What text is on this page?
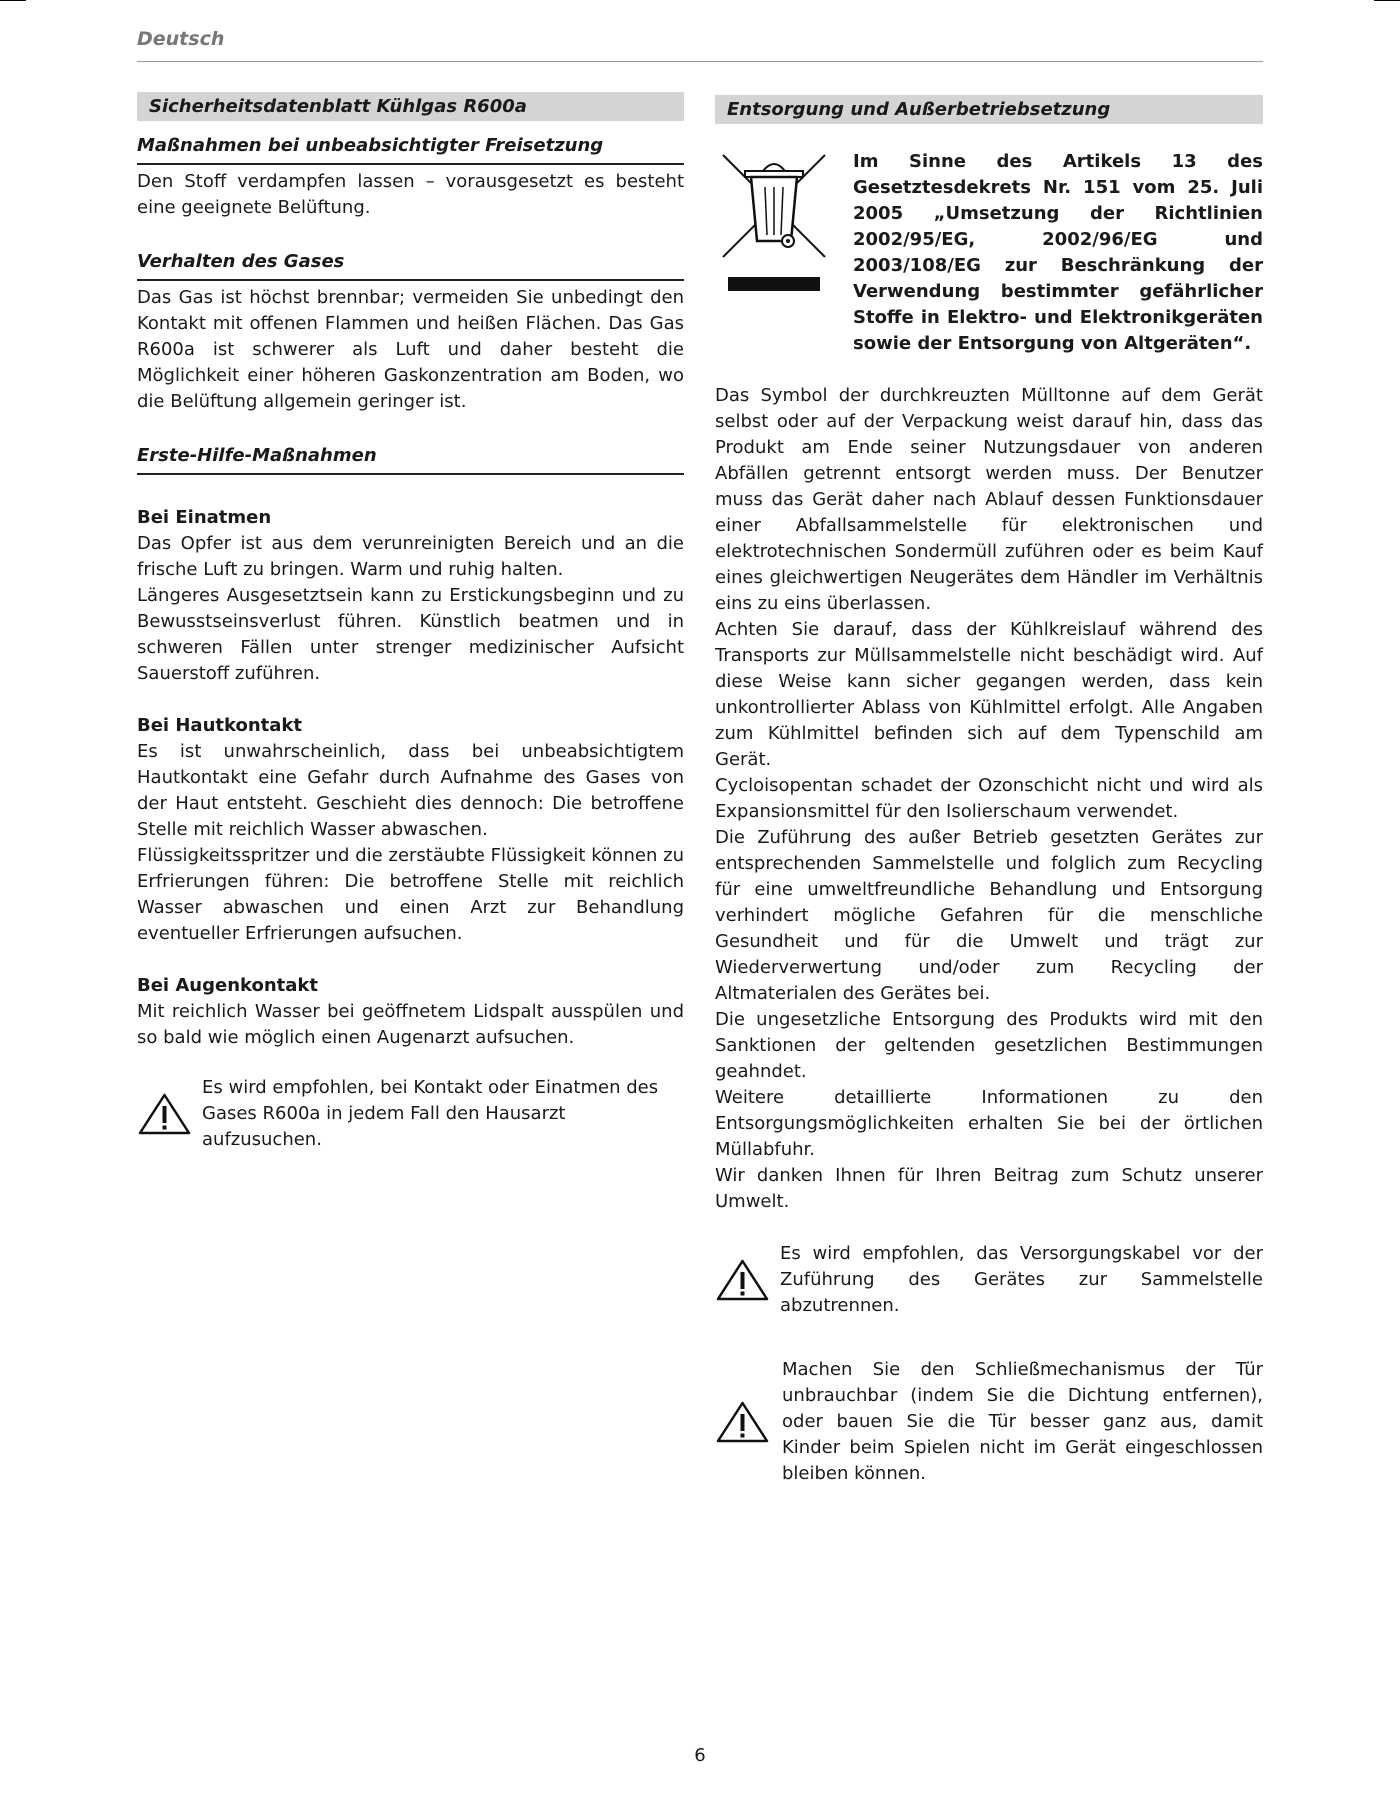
Deutsch
Sicherheitsdatenblatt Kühlgas R600a
Maßnahmen bei unbeabsichtigter Freisetzung

Den Stoff verdampfen lassen – vorausgesetzt es besteht eine geeignete Belüftung.

Verhalten des Gases

Das Gas ist höchst brennbar; vermeiden Sie unbedingt den Kontakt mit offenen Flammen und heißen Flächen. Das Gas R600a ist schwerer als Luft und daher besteht die Möglichkeit einer höheren Gaskonzentration am Boden, wo die Belüftung allgemein geringer ist.

Erste-Hilfe-Maßnahmen

Bei Einatmen

Das Opfer ist aus dem verunreinigten Bereich und an die frische Luft zu bringen. Warm und ruhig halten.

Längeres Ausgesetztsein kann zu Erstickungsbeginn und zu Bewusstseinsverlust führen. Künstlich beatmen und in schweren Fällen unter strenger medizinischer Aufsicht Sauerstoff zuführen.

Bei Hautkontakt

Es ist unwahrscheinlich, dass bei unbeabsichtigtem Hautkontakt eine Gefahr durch Aufnahme des Gases von der Haut entsteht. Geschieht dies dennoch: Die betroffene Stelle mit reichlich Wasser abwaschen.

Flüssigkeitsspritzer und die zerstäubte Flüssigkeit können zu Erfrierungen führen: Die betroffene Stelle mit reichlich Wasser abwaschen und einen Arzt zur Behandlung eventueller Erfrierungen aufsuchen.

Bei Augenkontakt

Mit reichlich Wasser bei geöffnetem Lidspalt ausspülen und so bald wie möglich einen Augenarzt aufsuchen.

Es wird empfohlen, bei Kontakt oder Einatmen des Gases R600a in jedem Fall den Hausarzt aufzusuchen.

Entsorgung und Außerbetriebsetzung

Im Sinne des Artikels 13 des Gesetztesdekrets Nr. 151 vom 25. Juli 2005 „Umsetzung der Richtlinien 2002/95/EG, 2002/96/EG und 2003/108/EG zur Beschränkung der Verwendung bestimmter gefährlicher Stoffe in Elektro- und Elektronikgeräten sowie der Entsorgung von Altgeräten“.

Das Symbol der durchkreuzten Mülltonne auf dem Gerät selbst oder auf der Verpackung weist darauf hin, dass das Produkt am Ende seiner Nutzungsdauer von anderen Abfällen getrennt entsorgt werden muss. Der Benutzer muss das Gerät daher nach Ablauf dessen Funktionsdauer einer Abfallsammelstelle für elektronischen und elektrotechnischen Sondermüll zuführen oder es beim Kauf eines gleichwertigen Neugerätes dem Händler im Verhältnis eins zu eins überlassen.

Achten Sie darauf, dass der Kühlkreislauf während des Transports zur Müllsammelstelle nicht beschädigt wird. Auf diese Weise kann sicher gegangen werden, dass kein unkontrollierter Ablass von Kühlmittel erfolgt. Alle Angaben zum Kühlmittel befinden sich auf dem Typenschild am Gerät.

Cycloisopentan schadet der Ozonschicht nicht und wird als Expansionsmittel für den Isolierschaum verwendet.

Die Zuführung des außer Betrieb gesetzten Gerätes zur entsprechenden Sammelstelle und folglich zum Recycling für eine umweltfreundliche Behandlung und Entsorgung verhindert mögliche Gefahren für die menschliche Gesundheit und für die Umwelt und trägt zur Wiederverwertung und/oder zum Recycling der Altmaterialen des Gerätes bei.

Die ungesetzliche Entsorgung des Produkts wird mit den Sanktionen der geltenden gesetzlichen Bestimmungen geahndet.

Weitere detaillierte Informationen zu den Entsorgungsmöglichkeiten erhalten Sie bei der örtlichen Müllabfuhr.

Wir danken Ihnen für Ihren Beitrag zum Schutz unserer Umwelt.

Es wird empfohlen, das Versorgungskabel vor der Zuführung des Gerätes zur Sammelstelle abzutrennen.

Machen Sie den Schließmechanismus der Tür unbrauchbar (indem Sie die Dichtung entfernen), oder bauen Sie die Tür besser ganz aus, damit Kinder beim Spielen nicht im Gerät eingeschlossen bleiben können.

6
